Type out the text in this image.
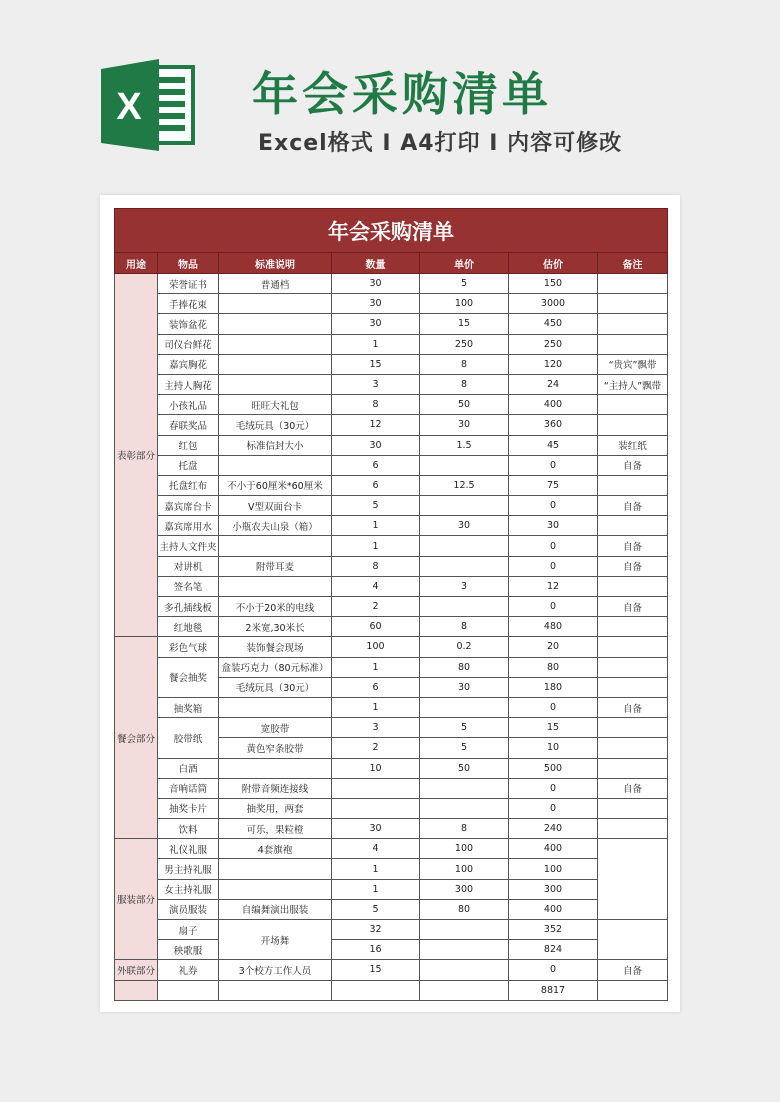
X 年会采购清单
Excel格式 I A4打印 I 内容可修改
年会采购清单						
用途	物品	标准说明	数量	单价	估价	备注
表彰部分	荣誉证书	普通档	30	5	150	
	手捧花束		30	100	3000	
	装饰盆花		30	15	450	
	司仪台鲜花		1	250	250	
	嘉宾胸花		15	8	120	“贵宾”飘带
	主持人胸花		3	8	24	“主持人”飘带
	小孩礼品	旺旺大礼包	8	50	400	
	春联奖品	毛绒玩具（30元）	12	30	360	
	红包	标准信封大小	30	1.5	45	装红纸
	托盘		6		0	自备
	托盘红布	不小于60厘米*60厘米	6	12.5	75	
	嘉宾席台卡	V型双面台卡	5		0	自备
	嘉宾席用水	小瓶农夫山泉（箱）	1	30	30	
	主持人文件夹		1		0	自备
	对讲机	附带耳麦	8		0	自备
	签名笔		4	3	12	
	多孔插线板	不小于20米的电线	2		0	自备
	红地毯	2米宽,30米长	60	8	480	
餐会部分	彩色气球	装饰餐会现场	100	0.2	20	
	餐会抽奖	盒装巧克力（80元标准）	1	80	80	
		毛绒玩具（30元）	6	30	180	
	抽奖箱		1		0	自备
	胶带纸	宽胶带	3	5	15	
		黄色窄条胶带	2	5	10	
	白酒		10	50	500	
	音响话筒	附带音频连接线			0	自备
	抽奖卡片	抽奖用，两套			0	
	饮料	可乐，果粒橙	30	8	240	
服装部分	礼仪礼服	4套旗袍	4	100	400	
	男主持礼服		1	100	100	
	女主持礼服		1	300	300	
	演员服装	自编舞演出服装	5	80	400	
	扇子	开场舞	32		352	
	秧歌服		16		824	
外联部分	礼券	3个校方工作人员	15		0	自备
					8817	
